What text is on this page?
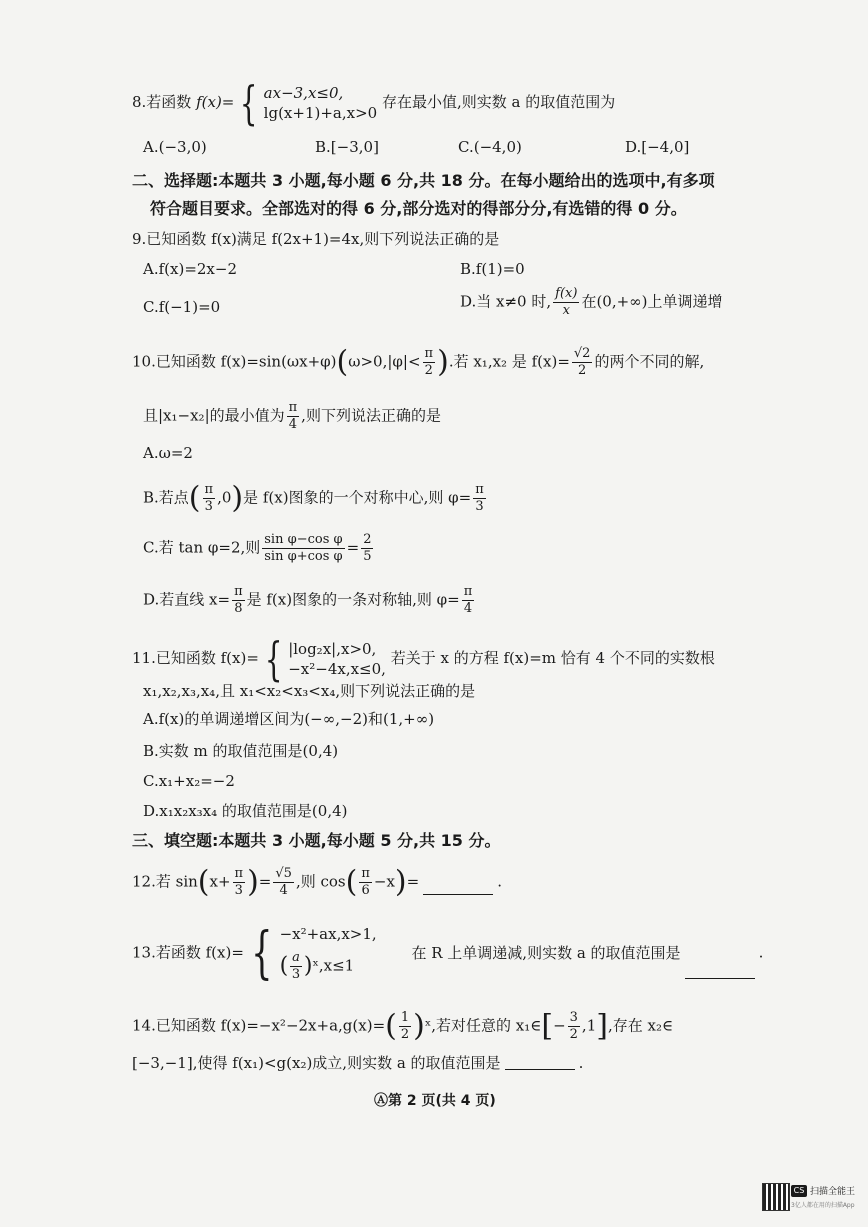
8.若函数 f(x)= { ax−3,x≤0,
lg(x+1)+a,x>0
存在最小值,则实数 a 的取值范围为
A.(−3,0)	B.[−3,0]	C.(−4,0)	D.[−4,0]
二、选择题:本题共 3 小题,每小题 6 分,共 18 分。在每小题给出的选项中,有多项
符合题目要求。全部选对的得 6 分,部分选对的得部分分,有选错的得 0 分。
9.已知函数 f(x)满足 f(2x+1)=4x,则下列说法正确的是
A.f(x)=2x−2	B.f(1)=0
C.f(−1)=0	D.当 x≠0 时, $\frac{f(x)}{x}$ 在(0,+∞)上单调递增
10.已知函数 $f(x)=\sin(\omega x+\varphi)(\omega>0,|\varphi|< \frac{\pi}{2}$ ).若 x₁,x₂ 是 $f(x)= \frac{√2}{2}$ 的两个不同的解,
且|x₁−x₂|的最小值为 $\frac{\pi}{4}$ ,则下列说法正确的是
A.ω=2
B.若点( $\frac{\pi}{3} ,0$)是 f(x)图象的一个对称中心,则 $\varphi= \frac{\pi}{3}$
C.若 tan φ=2,则 $\frac{\text{sin φ−cos φ}}{\text{sin φ+cos φ}} = \frac{2}{5}$
D.若直线 $x= \frac{\pi}{8}$ 是 f(x)图象的一条对称轴,则 $\varphi= \frac{\pi}{4}$
11.已知函数 f(x)= { |log₂x|,x>0,
−x²−4x,x≤0,
若关于 x 的方程 f(x)=m 恰有 4 个不同的实数根
x₁,x₂,x₃,x₄,且 x₁<x₂<x₃<x₄,则下列说法正确的是
A.f(x)的单调递增区间为(−∞,−2)和(1,+∞)
B.实数 m 的取值范围是(0,4)
C.x₁+x₂=−2
D.x₁x₂x₃x₄ 的取值范围是(0,4)
三、填空题:本题共 3 小题,每小题 5 分,共 15 分。
12.若 $\sin(x+ \frac{\pi}{3}$ )= $\frac{√5}{4}$ ,则 $\cos( \frac{\pi}{6} -x)=$	.
13.若函数 f(x)= { −x²+ax,x>1,
( $\frac{a}{3}$ )ˣ,x≤1
在 R 上单调递减,则实数 a 的取值范围是	.
14.已知函数 $f(x)=-x^2-2x+a,g(x)=( \frac{1}{2}$ )ˣ,若对任意的 x₁∈[− $\frac{3}{2} ,1$],存在 x₂∈
[−3,−1],使得 f(x₁)<g(x₂)成立,则实数 a 的取值范围是	.
Ⓐ第 2 页(共 4 页)
CS 扫描全能王
3亿人都在用的扫描App
